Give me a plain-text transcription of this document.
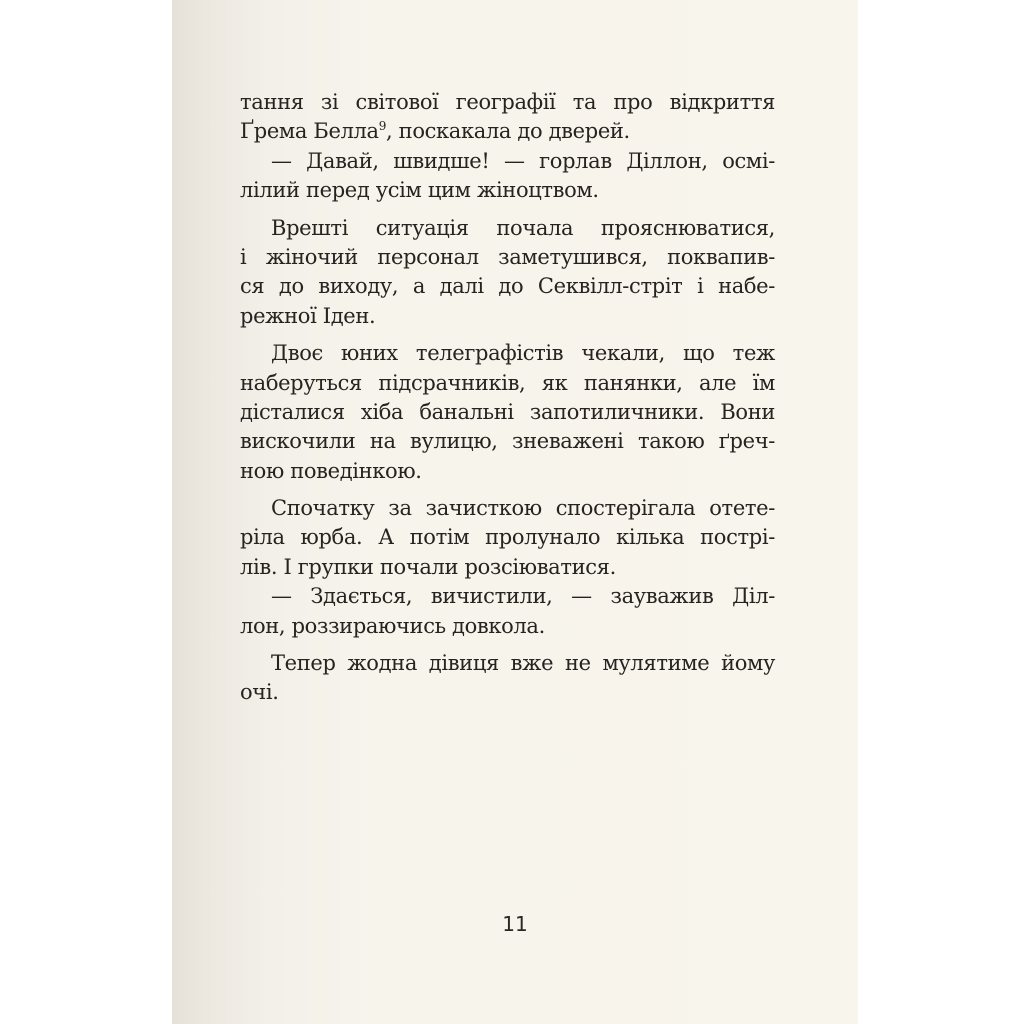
тання зі світової географії та про відкриття
Ґрема Белла$^9$, поскакала до дверей.
— Давай, швидше! — горлав Діллон, осмі-
лілий перед усім цим жіноцтвом.
Врешті ситуація почала прояснюватися,
і жіночий персонал заметушився, поквапив-
ся до виходу, а далі до Секвілл-стріт і набе-
режної Іден.
Двоє юних телеграфістів чекали, що теж
наберуться підсрачників, як панянки, але їм
дісталися хіба банальні запотиличники. Вони
вискочили на вулицю, зневажені такою ґреч-
ною поведінкою.
Спочатку за зачисткою спостерігала отете-
ріла юрба. А потім пролунало кілька пострі-
лів. І групки почали розсіюватися.
— Здається, вичистили, — зауважив Діл-
лон, роззираючись довкола.
Тепер жодна дівиця вже не мулятиме йому
очі.
11
